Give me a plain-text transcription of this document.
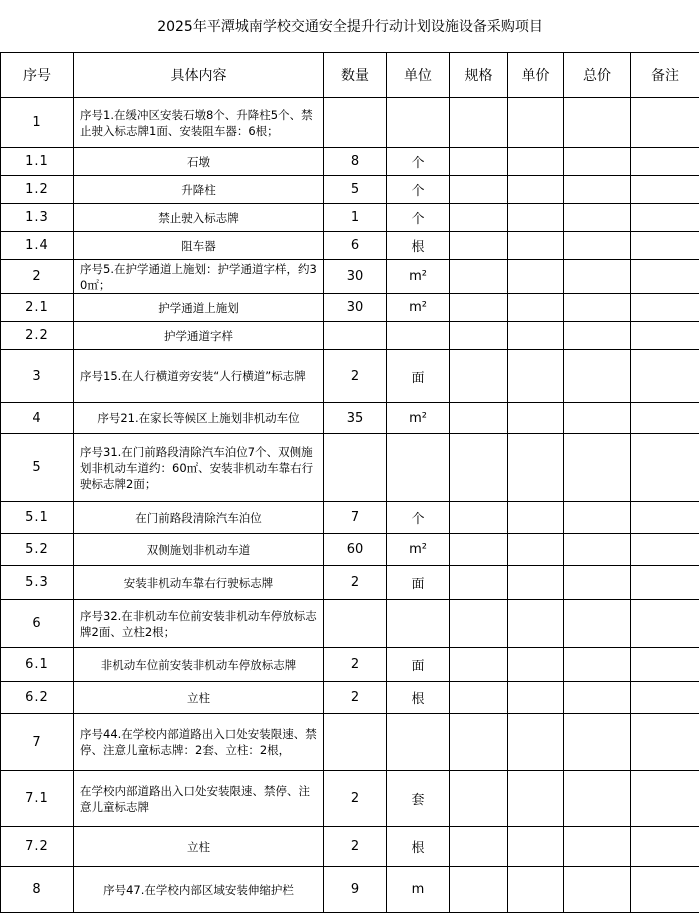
2025年平潭城南学校交通安全提升行动计划设施设备采购项目							
序号	具体内容	数量	单位	规格	单价	总价	备注
1	序号1.在缓冲区安装石墩8个、升降柱5个、禁止驶入标志牌1面、安装阻车器：6根；						
1.1	石墩	8	个				
1.2	升降柱	5	个				
1.3	禁止驶入标志牌	1	个				
1.4	阻车器	6	根				
2	序号5.在护学通道上施划：护学通道字样，约30㎡；	30	m²				
2.1	护学通道上施划	30	m²				
2.2	护学通道字样						
3	序号15.在人行横道旁安装“人行横道”标志牌	2	面				
4	序号21.在家长等候区上施划非机动车位	35	m²				
5	序号31.在门前路段清除汽车泊位7个、双侧施划非机动车道约：60㎡、安装非机动车靠右行驶标志牌2面；						
5.1	在门前路段清除汽车泊位	7	个				
5.2	双侧施划非机动车道	60	m²				
5.3	安装非机动车靠右行驶标志牌	2	面				
6	序号32.在非机动车位前安装非机动车停放标志牌2面、立柱2根；						
6.1	非机动车位前安装非机动车停放标志牌	2	面				
6.2	立柱	2	根				
7	序号44.在学校内部道路出入口处安装限速、禁停、注意儿童标志牌：2套、立柱：2根，						
7.1	在学校内部道路出入口处安装限速、禁停、注意儿童标志牌	2	套				
7.2	立柱	2	根				
8	序号47.在学校内部区域安装伸缩护栏	9	m				
